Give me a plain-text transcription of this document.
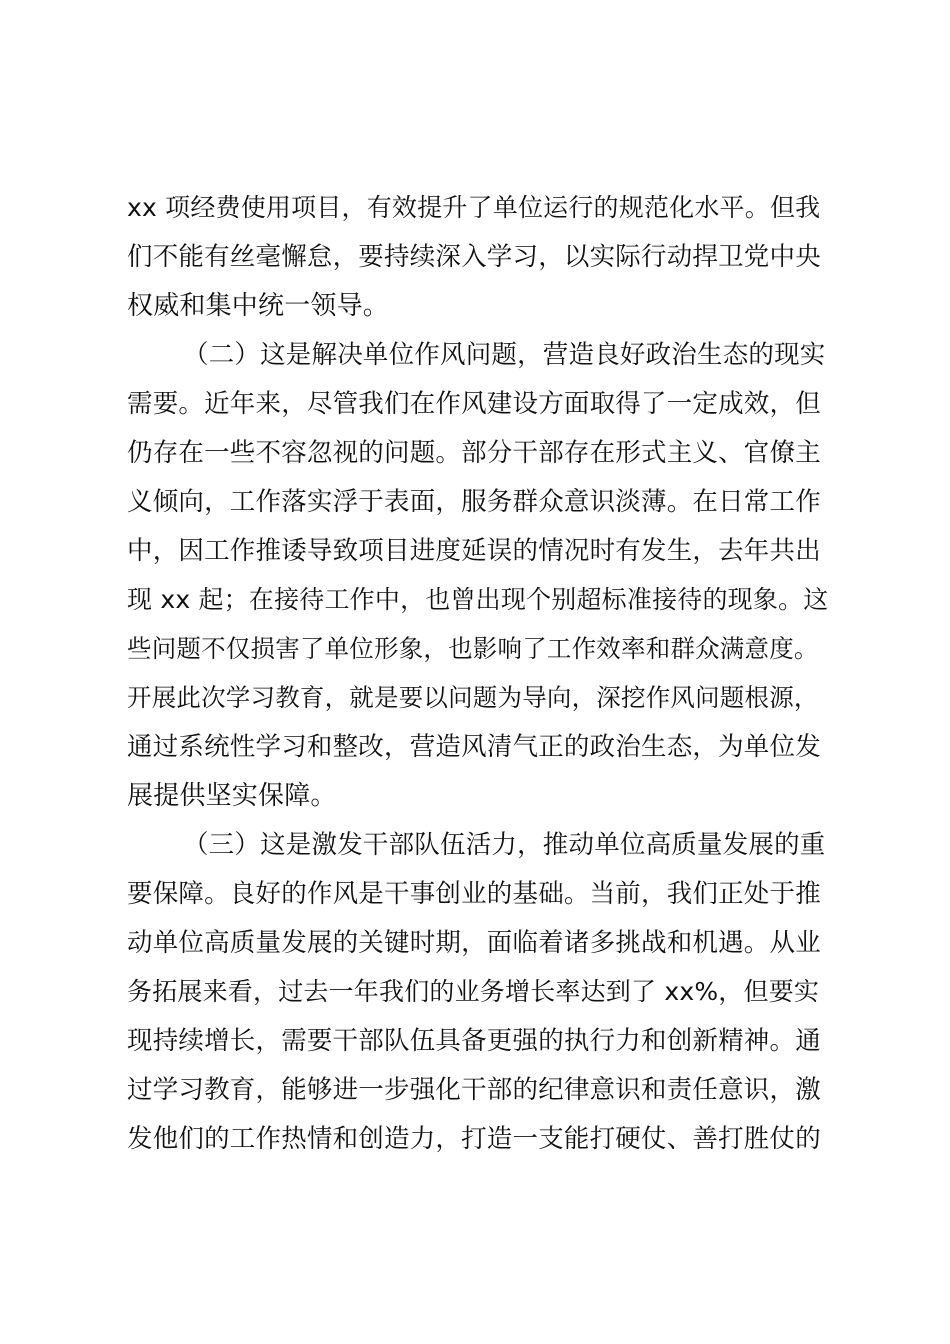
xx 项经费使用项目，有效提升了单位运行的规范化水平。但我
们不能有丝毫懈怠，要持续深入学习，以实际行动捍卫党中央
权威和集中统一领导。
（二）这是解决单位作风问题，营造良好政治生态的现实
需要。近年来，尽管我们在作风建设方面取得了一定成效，但
仍存在一些不容忽视的问题。部分干部存在形式主义、官僚主
义倾向，工作落实浮于表面，服务群众意识淡薄。在日常工作
中，因工作推诿导致项目进度延误的情况时有发生，去年共出
现 xx 起；在接待工作中，也曾出现个别超标准接待的现象。这
些问题不仅损害了单位形象，也影响了工作效率和群众满意度。
开展此次学习教育，就是要以问题为导向，深挖作风问题根源，
通过系统性学习和整改，营造风清气正的政治生态，为单位发
展提供坚实保障。
（三）这是激发干部队伍活力，推动单位高质量发展的重
要保障。良好的作风是干事创业的基础。当前，我们正处于推
动单位高质量发展的关键时期，面临着诸多挑战和机遇。从业
务拓展来看，过去一年我们的业务增长率达到了 xx%，但要实
现持续增长，需要干部队伍具备更强的执行力和创新精神。通
过学习教育，能够进一步强化干部的纪律意识和责任意识，激
发他们的工作热情和创造力，打造一支能打硬仗、善打胜仗的
